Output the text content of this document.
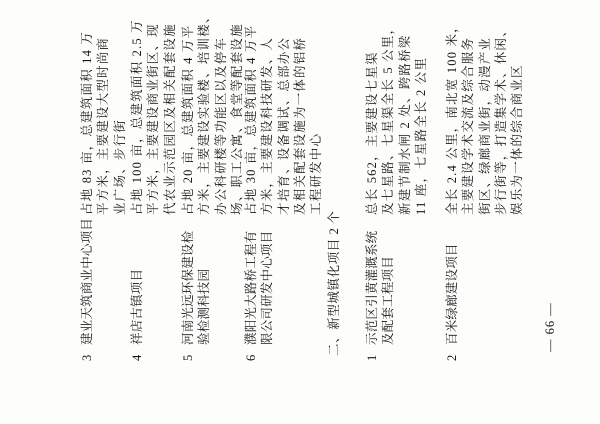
3
建业天筑商业中心项目
占地 83 亩，总建筑面积 14 万 平方米，主要建设大型时尚商 业广场、步行街
4
祥店古镇项目
占地 100 亩，总建筑面积 2.5 万 平方米，主要建设商业街区、现 代农业示范园区及相关配套设施
5
河南光远环保建设检 验检测科技园
占地 20 亩，总建筑面积 4 万平 方米，主要建设实验楼、培训楼、 办公科研楼等功能区以及停车 场、职工公寓、食堂等配套设施
6
濮阳光大路桥工程有 限公司研发中心项目
占地 30 亩，总建筑面积 4 万平 方米，主要建设科技研发、人 才培育、设备调试、总部办公 及相关配套设施为一体的铝桥 工程研发中心
二、新型城镇化项目 2 个
1
示范区引黄灌溉系统 及配套工程项目
总长 562，主要建设七星渠 及七星路、七星渠全长 5 公里， 新建节制水闸 2 处、跨路桥梁 11 座，七星路全长 2 公里
2
百米绿廊建设项目
全长 2.4 公里，南北宽 100 米， 主要建设学术交流及综合服务 街区、绿廊商业街，动漫产业 步行街等，打造集学术、休闲、 娱乐为一体的综合商业区
— 66 —
